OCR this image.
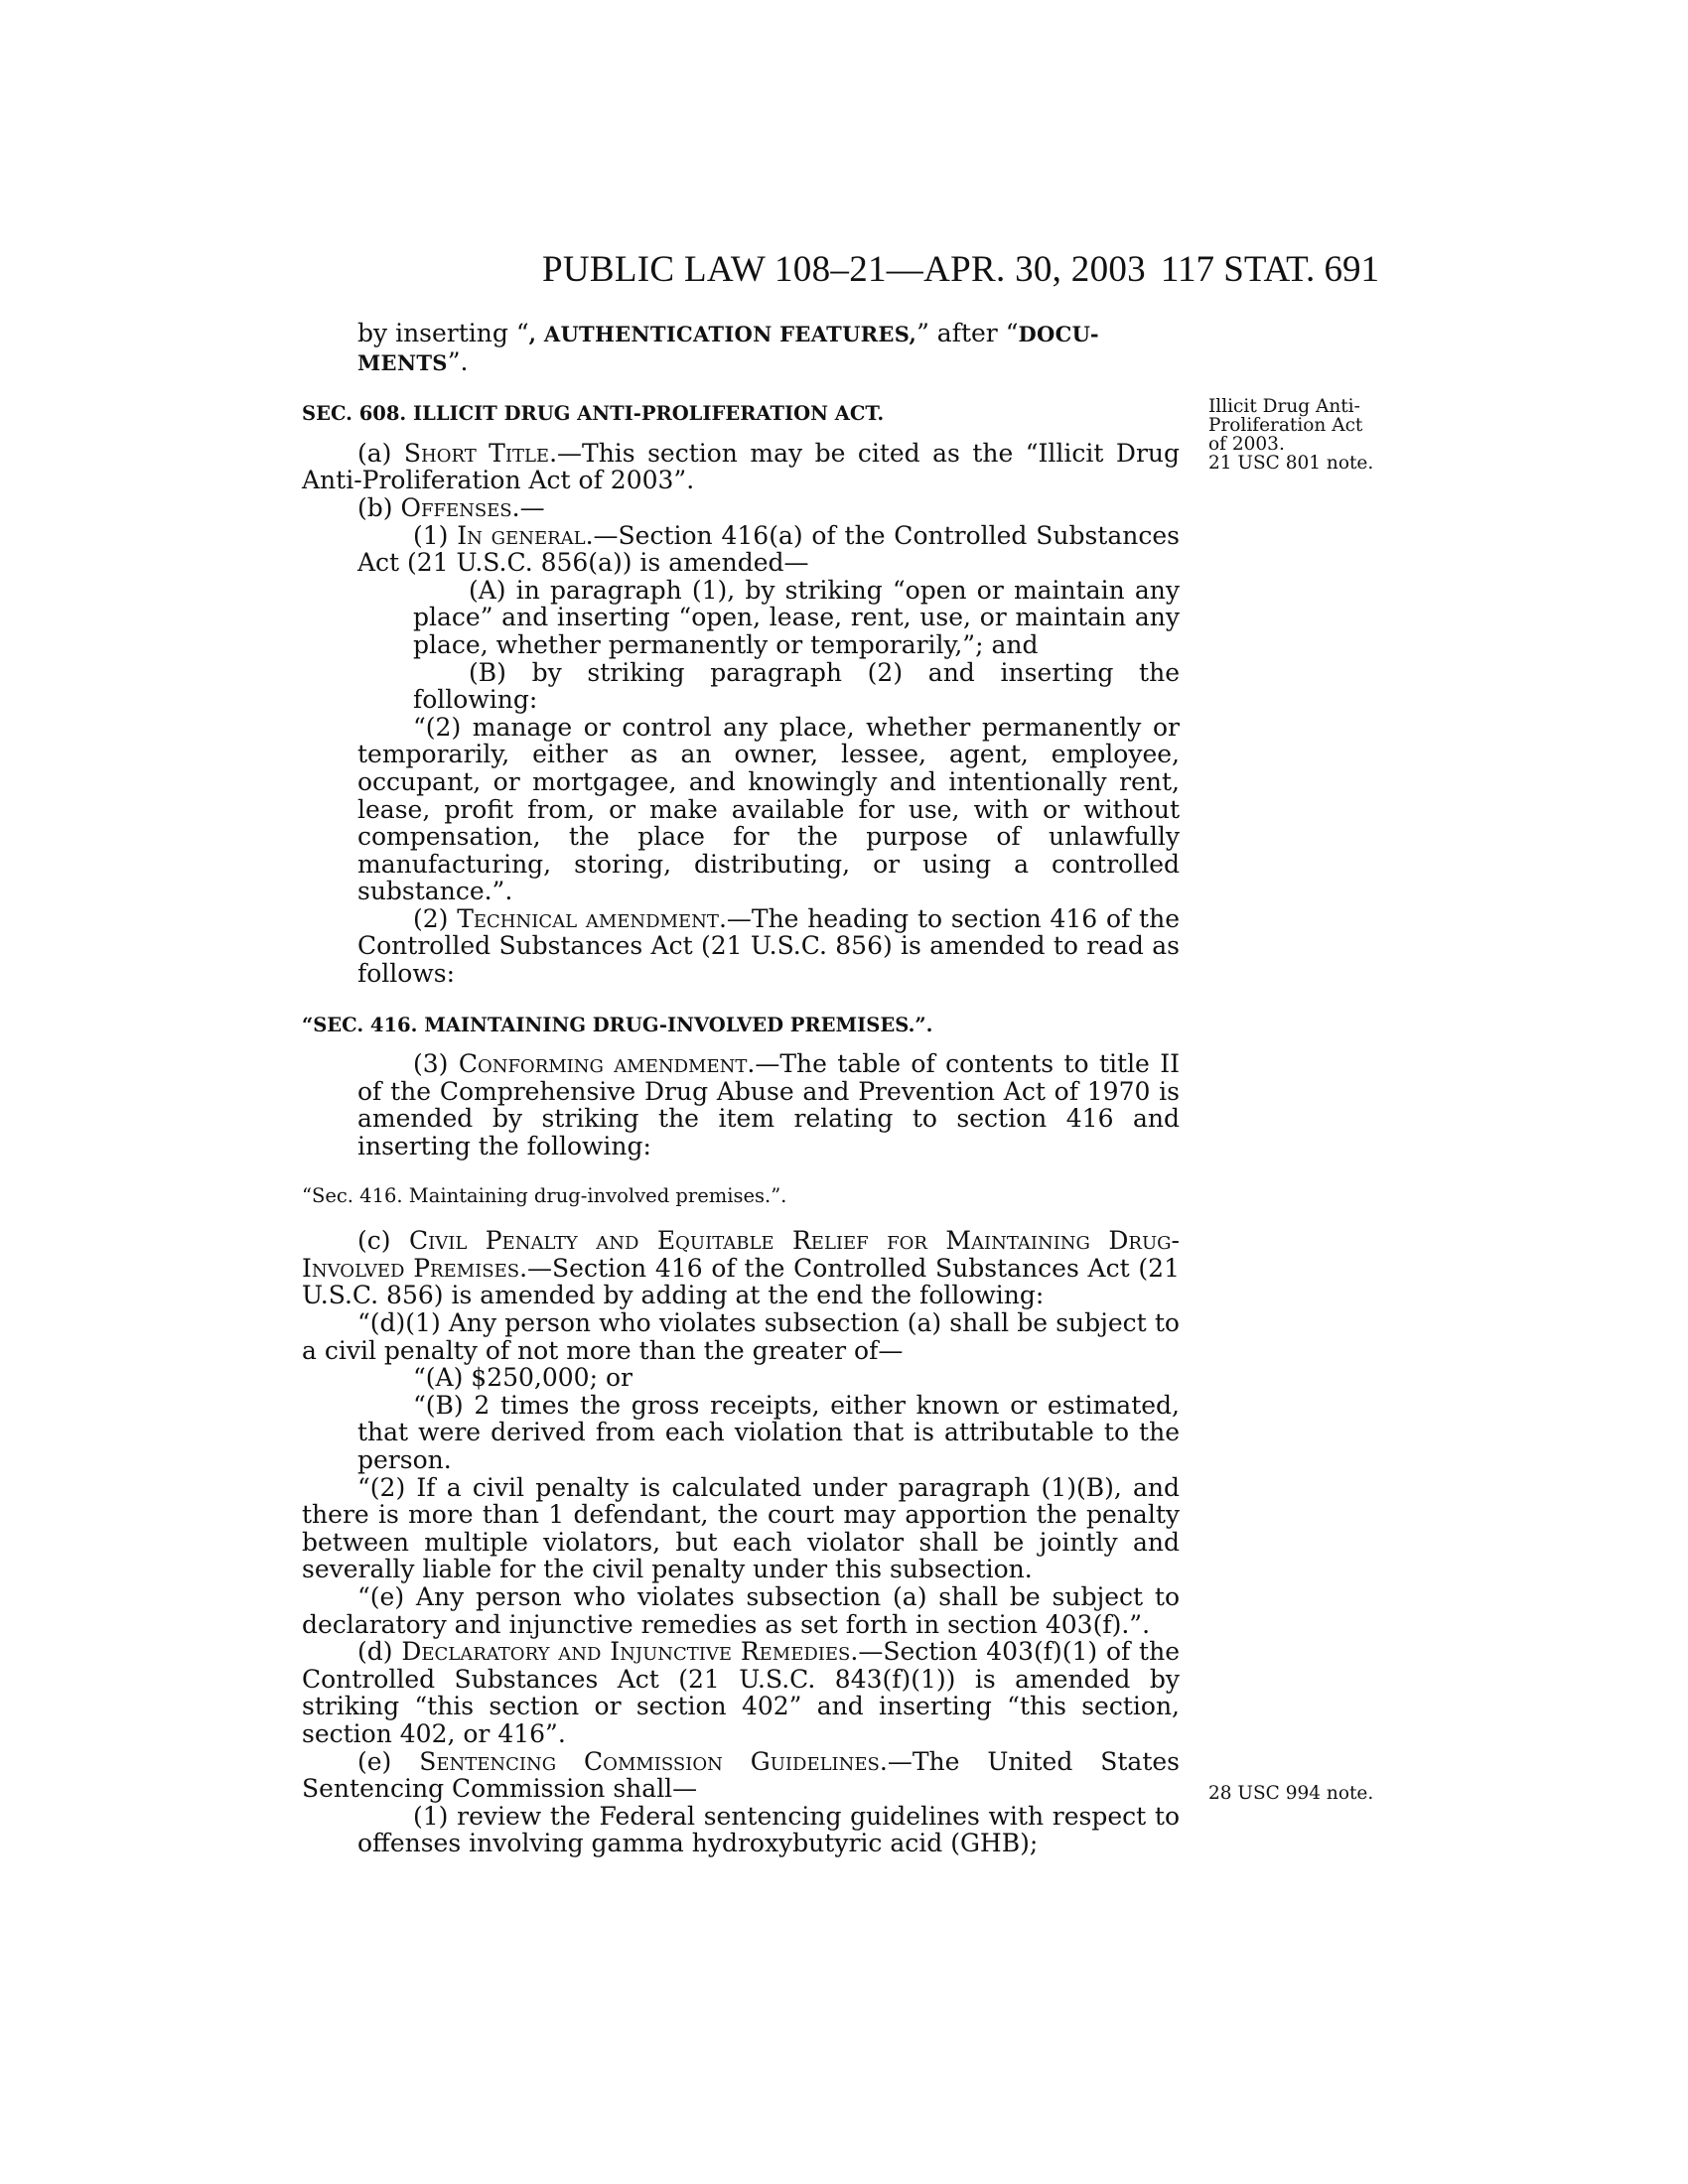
PUBLIC LAW 108–21—APR. 30, 2003 117 STAT. 691

by inserting “, AUTHENTICATION FEATURES,” after “DOCU-
MENTS”.

SEC. 608. ILLICIT DRUG ANTI-PROLIFERATION ACT.

(a) Short Title.—This section may be cited as the “Illicit Drug Anti-Proliferation Act of 2003”.

(b) Offenses.—

(1) In general.—Section 416(a) of the Controlled Substances Act (21 U.S.C. 856(a)) is amended—

(A) in paragraph (1), by striking “open or maintain any place” and inserting “open, lease, rent, use, or maintain any place, whether permanently or temporarily,”; and

(B) by striking paragraph (2) and inserting the following:

“(2) manage or control any place, whether permanently or temporarily, either as an owner, lessee, agent, employee, occupant, or mortgagee, and knowingly and intentionally rent, lease, profit from, or make available for use, with or without compensation, the place for the purpose of unlawfully manufacturing, storing, distributing, or using a controlled substance.”.

(2) Technical amendment.—The heading to section 416 of the Controlled Substances Act (21 U.S.C. 856) is amended to read as follows:

“SEC. 416. MAINTAINING DRUG-INVOLVED PREMISES.”.

(3) Conforming amendment.—The table of contents to title II of the Comprehensive Drug Abuse and Prevention Act of 1970 is amended by striking the item relating to section 416 and inserting the following:

“Sec. 416. Maintaining drug-involved premises.”.

(c) Civil Penalty and Equitable Relief for Maintaining Drug-Involved Premises.—Section 416 of the Controlled Substances Act (21 U.S.C. 856) is amended by adding at the end the following:

“(d)(1) Any person who violates subsection (a) shall be subject to a civil penalty of not more than the greater of—

“(A) $250,000; or

“(B) 2 times the gross receipts, either known or estimated, that were derived from each violation that is attributable to the person.

“(2) If a civil penalty is calculated under paragraph (1)(B), and there is more than 1 defendant, the court may apportion the penalty between multiple violators, but each violator shall be jointly and severally liable for the civil penalty under this subsection.

“(e) Any person who violates subsection (a) shall be subject to declaratory and injunctive remedies as set forth in section 403(f).”.

(d) Declaratory and Injunctive Remedies.—Section 403(f)(1) of the Controlled Substances Act (21 U.S.C. 843(f)(1)) is amended by striking “this section or section 402” and inserting “this section, section 402, or 416”.

(e) Sentencing Commission Guidelines.—The United States Sentencing Commission shall—

(1) review the Federal sentencing guidelines with respect to offenses involving gamma hydroxybutyric acid (GHB);

Illicit Drug Anti-
Proliferation Act
of 2003.
21 USC 801 note.
28 USC 994 note.
